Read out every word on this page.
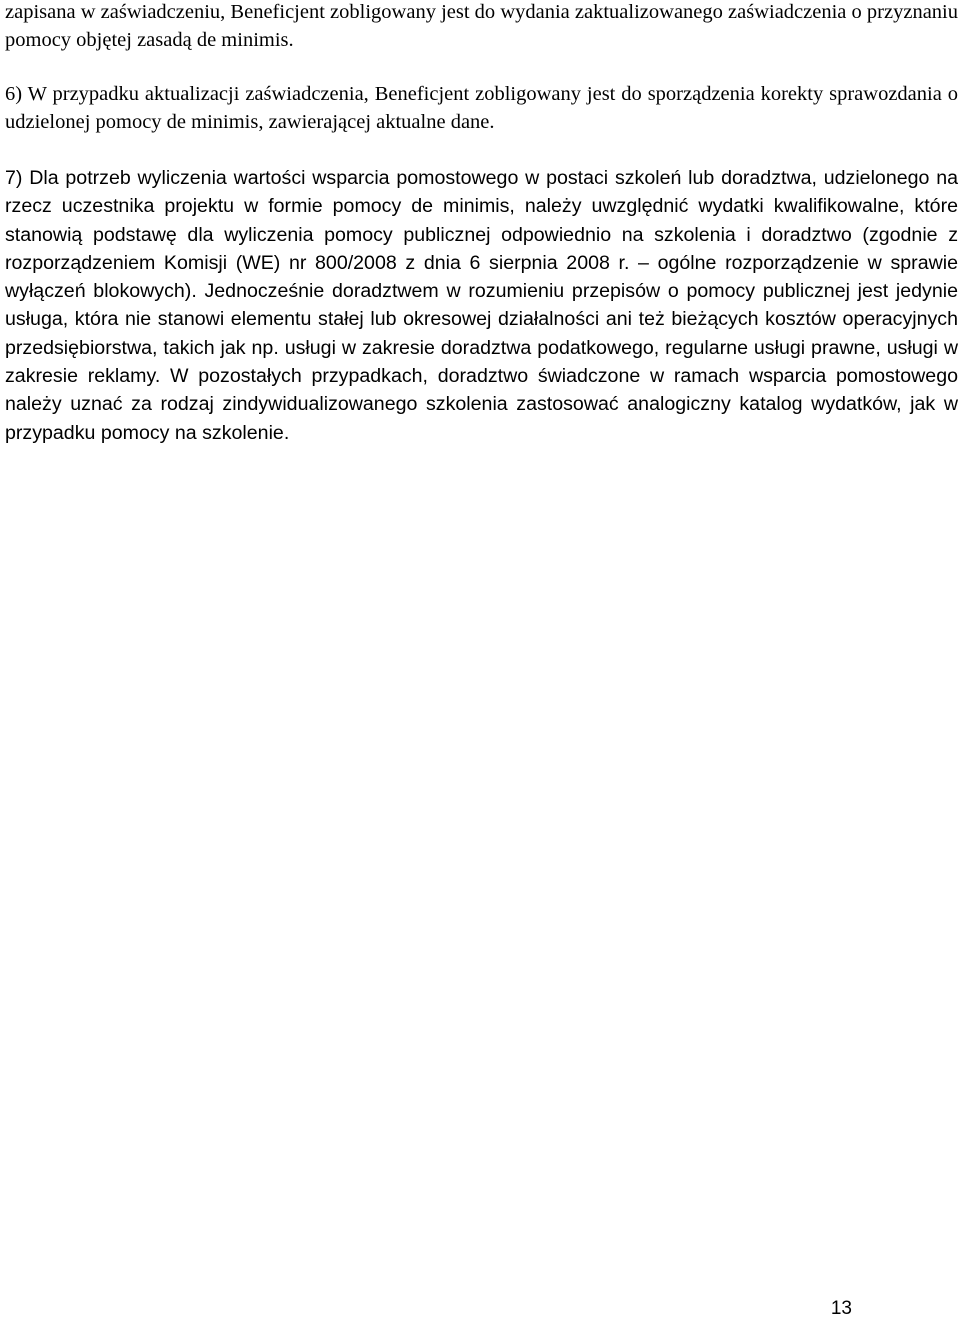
zapisana w zaświadczeniu, Beneficjent zobligowany jest do wydania zaktualizowanego zaświadczenia o przyznaniu pomocy objętej zasadą de minimis.

6) W przypadku aktualizacji zaświadczenia, Beneficjent zobligowany jest do sporządzenia korekty sprawozdania o udzielonej pomocy de minimis, zawierającej aktualne dane.

7) Dla potrzeb wyliczenia wartości wsparcia pomostowego w postaci szkoleń lub doradztwa, udzielonego na rzecz uczestnika projektu w formie pomocy de minimis, należy uwzględnić wydatki kwalifikowalne, które stanowią podstawę dla wyliczenia pomocy publicznej odpowiednio na szkolenia i doradztwo (zgodnie z rozporządzeniem Komisji (WE) nr 800/2008 z dnia 6 sierpnia 2008 r. – ogólne rozporządzenie w sprawie wyłączeń blokowych). Jednocześnie doradztwem w rozumieniu przepisów o pomocy publicznej jest jedynie usługa, która nie stanowi elementu stałej lub okresowej działalności ani też bieżących kosztów operacyjnych przedsiębiorstwa, takich jak np. usługi w zakresie doradztwa podatkowego, regularne usługi prawne, usługi w zakresie reklamy. W pozostałych przypadkach, doradztwo świadczone w ramach wsparcia pomostowego należy uznać za rodzaj zindywidualizowanego szkolenia zastosować analogiczny katalog wydatków, jak w przypadku pomocy na szkolenie.

13
